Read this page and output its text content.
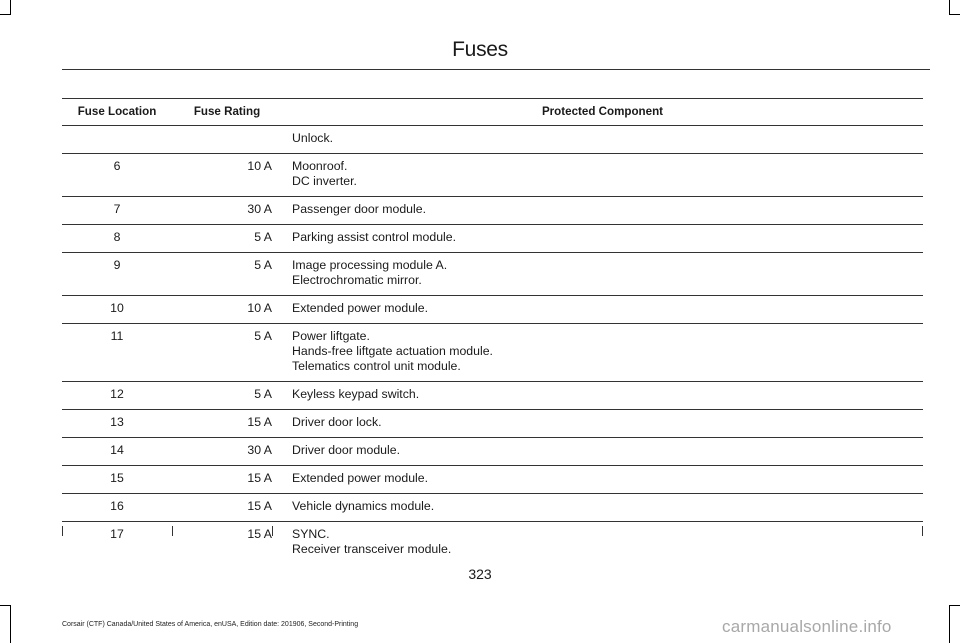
Fuses
Fuse Location	Fuse Rating	Protected Component

		Unlock.

6	10 A	Moonroof.
DC inverter.

7	30 A	Passenger door module.

8	5 A	Parking assist control module.

9	5 A	Image processing module A.
Electrochromatic mirror.

10	10 A	Extended power module.

11	5 A	Power liftgate.
Hands-free liftgate actuation module.
Telematics control unit module.

12	5 A	Keyless keypad switch.

13	15 A	Driver door lock.

14	30 A	Driver door module.

15	15 A	Extended power module.

16	15 A	Vehicle dynamics module.

17	15 A	SYNC.
Receiver transceiver module.
323
Corsair (CTF) Canada/United States of America, enUSA, Edition date: 201906, Second-Printing	carmanualsonline.info
